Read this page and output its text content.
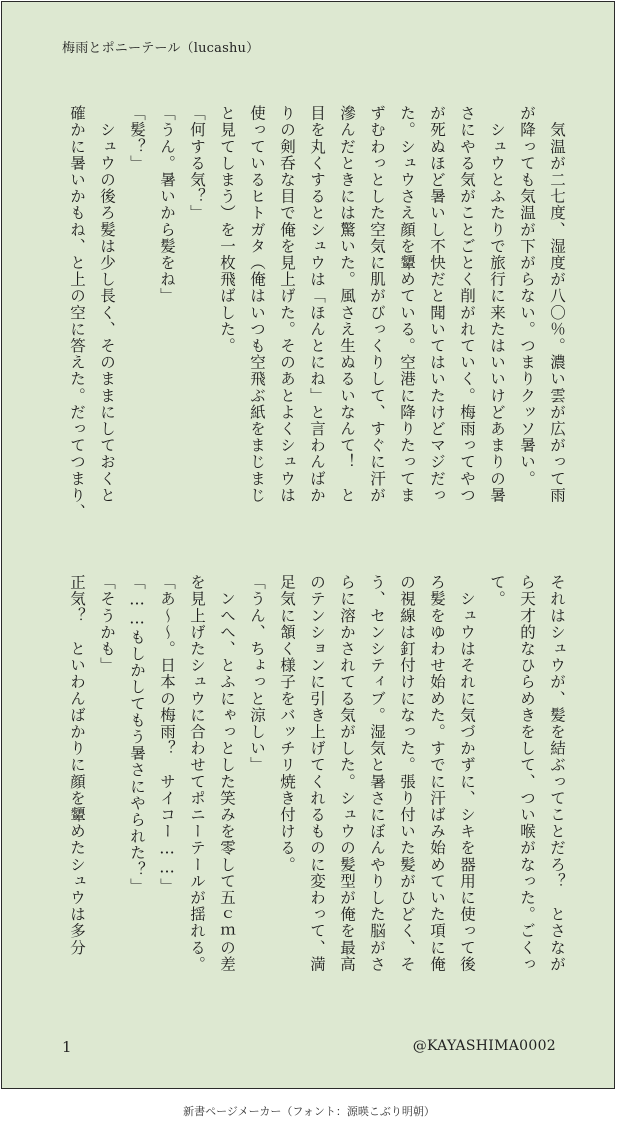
梅雨とポニーテール（lucashu）

　気温が二七度、湿度が八〇％。濃い雲が広がって雨

が降っても気温が下がらない。つまりクッソ暑い。

　シュウとふたりで旅行に来たはいいけどあまりの暑

さにやる気がことごとく削がれていく。梅雨ってやつ

が死ぬほど暑いし不快だと聞いてはいたけどマジだっ

た。シュウさえ顔を顰めている。空港に降りたってま

ずむわっとした空気に肌がびっくりして、すぐに汗が

滲んだときには驚いた。風さえ生ぬるいなんて！　と

目を丸くするとシュウは「ほんとにね」と言わんばか

りの剣呑な目で俺を見上げた。そのあとよくシュウは

使っているヒトガタ（俺はいつも空飛ぶ紙をまじまじ

と見てしまう）を一枚飛ばした。

「何する気？」

「うん。暑いから髪をね」

「髪？」

　シュウの後ろ髪は少し長く、そのままにしておくと

確かに暑いかもね、と上の空に答えた。だってつまり、

それはシュウが、髪を結ぶってことだろ？　とさなが

ら天才的なひらめきをして、つい喉がなった。ごくっ

て。

　シュウはそれに気づかずに、シキを器用に使って後

ろ髪をゆわせ始めた。すでに汗ばみ始めていた項に俺

の視線は釘付けになった。張り付いた髪がひどく、そ

う、センシティブ。湿気と暑さにぼんやりした脳がさ

らに溶かされてる気がした。シュウの髪型が俺を最高

のテンションに引き上げてくれるものに変わって、満

足気に頷く様子をバッチリ焼き付ける。

「うん、ちょっと涼しい」

　ンへへ、とふにゃっとした笑みを零して五ｃｍの差

を見上げたシュウに合わせてポニーテールが揺れる。

「あ～～。日本の梅雨？　サイコー……」

「……もしかしてもう暑さにやられた？」

「そうかも」

正気？　といわんばかりに顔を顰めたシュウは多分

1	@KAYASHIMA0002
新書ページメーカー（フォント：源暎こぶり明朝）
